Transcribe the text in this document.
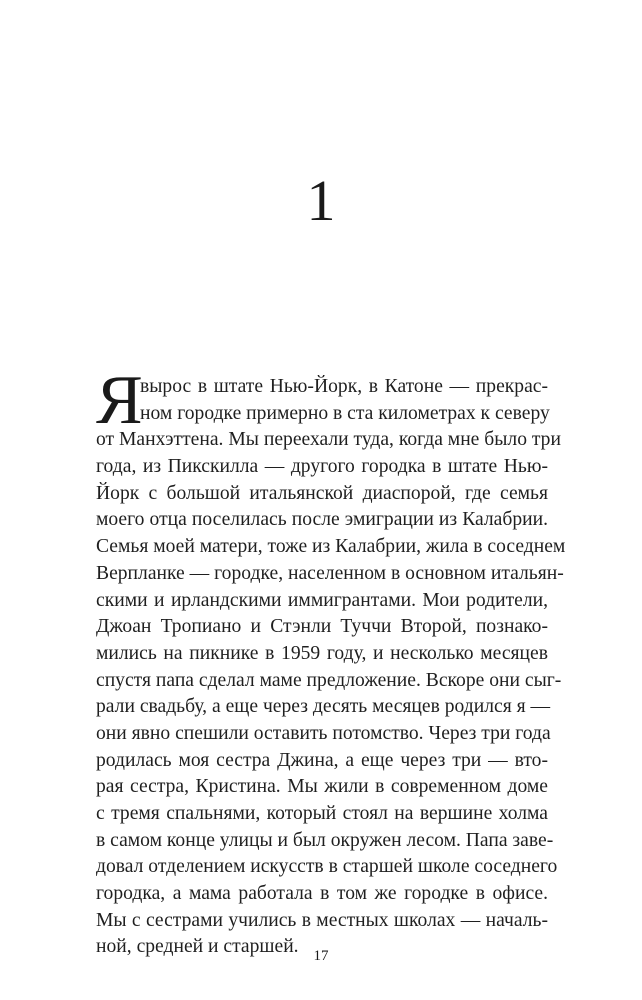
1
Я
вырос в штате Нью-Йорк, в Катоне — прекрас-
ном городке примерно в ста километрах к северу
от Манхэттена. Мы переехали туда, когда мне было три
года, из Пикскилла — другого городка в штате Нью-
Йорк с большой итальянской диаспорой, где семья
моего отца поселилась после эмиграции из Калабрии.
Семья моей матери, тоже из Калабрии, жила в соседнем
Верпланке — городке, населенном в основном итальян-
скими и ирландскими иммигрантами. Мои родители,
Джоан Тропиано и Стэнли Туччи Второй, познако-
мились на пикнике в 1959 году, и несколько месяцев
спустя папа сделал маме предложение. Вскоре они сыг-
рали свадьбу, а еще через десять месяцев родился я —
они явно спешили оставить потомство. Через три года
родилась моя сестра Джина, а еще через три — вто-
рая сестра, Кристина. Мы жили в современном доме
с тремя спальнями, который стоял на вершине холма
в самом конце улицы и был окружен лесом. Папа заве-
довал отделением искусств в старшей школе соседнего
городка, а мама работала в том же городке в офисе.
Мы с сестрами учились в местных школах — началь-
ной, средней и старшей. 17
